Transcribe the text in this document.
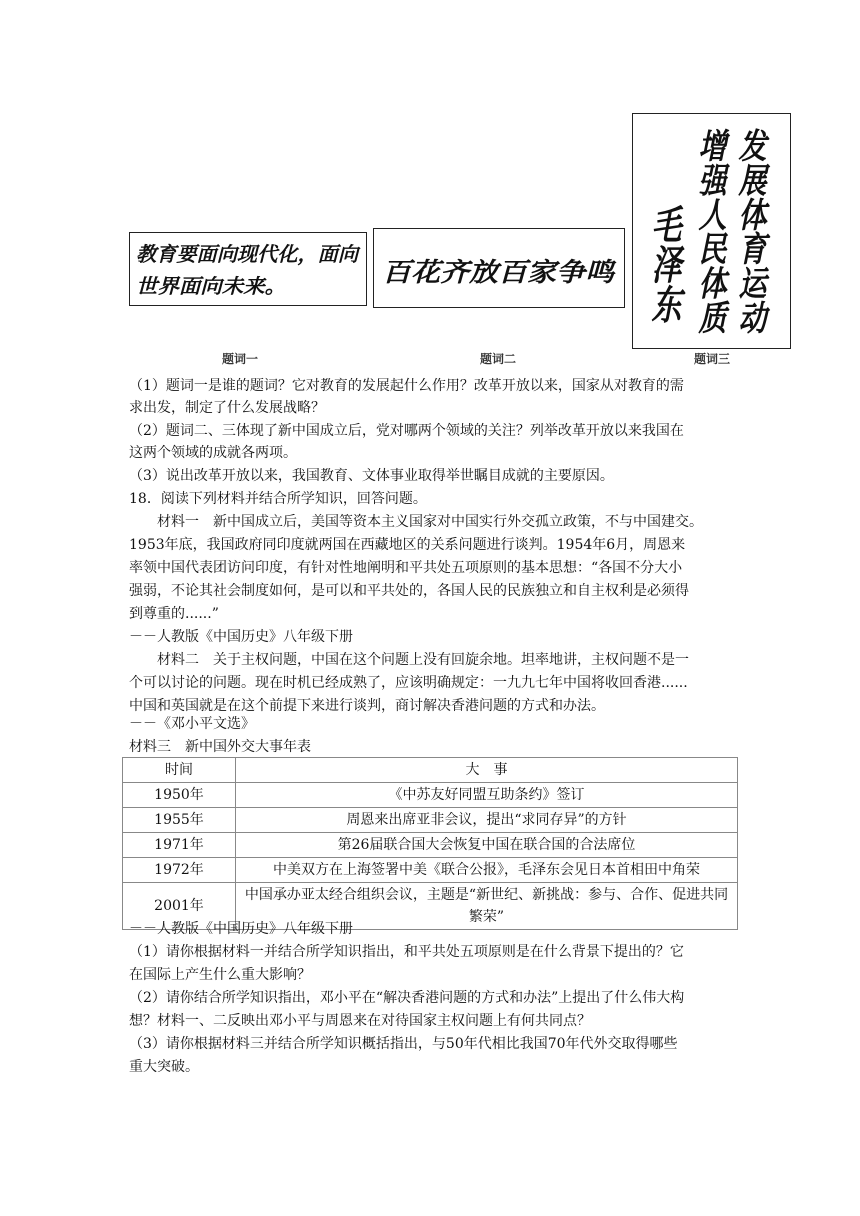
教育要面向现代化，面向
世界面向未来。	百花齐放百家争鸣	发展体育运动
增强人民体质
毛泽东
题词一	题词二	题词三
（1）题词一是谁的题词？它对教育的发展起什么作用？改革开放以来，国家从对教育的需
求出发，制定了什么发展战略？
（2）题词二、三体现了新中国成立后，党对哪两个领域的关注？列举改革开放以来我国在
这两个领域的成就各两项。
（3）说出改革开放以来，我国教育、文体事业取得举世瞩目成就的主要原因。
18．阅读下列材料并结合所学知识，回答问题。
材料一　新中国成立后，美国等资本主义国家对中国实行外交孤立政策，不与中国建交。
1953年底，我国政府同印度就两国在西藏地区的关系问题进行谈判。1954年6月，周恩来
率领中国代表团访问印度，有针对性地阐明和平共处五项原则的基本思想：“各国不分大小
强弱，不论其社会制度如何，是可以和平共处的，各国人民的民族独立和自主权利是必须得
到尊重的......”
－－人教版《中国历史》八年级下册
材料二　关于主权问题，中国在这个问题上没有回旋余地。坦率地讲，主权问题不是一
个可以讨论的问题。现在时机已经成熟了，应该明确规定：一九九七年中国将收回香港......
中国和英国就是在这个前提下来进行谈判，商讨解决香港问题的方式和办法。
－－《邓小平文选》
材料三　新中国外交大事年表
时间	大　事
1950年	《中苏友好同盟互助条约》签订
1955年	周恩来出席亚非会议，提出“求同存异”的方针
1971年	第26届联合国大会恢复中国在联合国的合法席位
1972年	中美双方在上海签署中美《联合公报》，毛泽东会见日本首相田中角荣
2001年	中国承办亚太经合组织会议，主题是“新世纪、新挑战：参与、合作、促进共同繁荣”
－－人教版《中国历史》八年级下册
（1）请你根据材料一并结合所学知识指出，和平共处五项原则是在什么背景下提出的？它
在国际上产生什么重大影响？
（2）请你结合所学知识指出，邓小平在“解决香港问题的方式和办法”上提出了什么伟大构
想？材料一、二反映出邓小平与周恩来在对待国家主权问题上有何共同点？
（3）请你根据材料三并结合所学知识概括指出，与50年代相比我国70年代外交取得哪些
重大突破。
